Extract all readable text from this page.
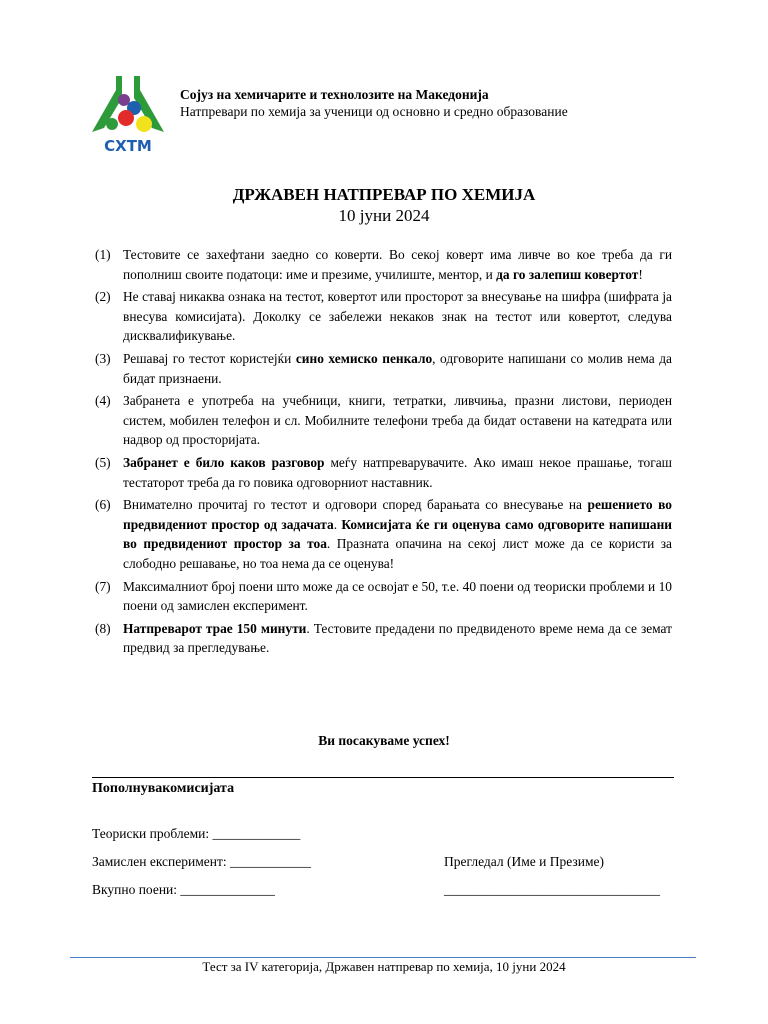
СХТМ
Сојуз на хемичарите и технолозите на Македонија
Натпревари по хемија за ученици од основно и средно образование
ДРЖАВЕН НАТПРЕВАР ПО ХЕМИЈА
10 јуни 2024
(1) Тестовите се захефтани заедно со коверти. Во секој коверт има ливче во кое треба да ги пополниш своите податоци: име и презиме, училиште, ментор, и да го залепиш ковертот!
(2) Не ставај никаква ознака на тестот, ковертот или просторот за внесување на шифра (шифрата ја внесува комисијата). Доколку се забележи некаков знак на тестот или ковертот, следува дисквалификување.
(3) Решавај го тестот користејќи сино хемиско пенкало, одговорите напишани со молив нема да бидат признаени.
(4) Забранета е употреба на учебници, книги, тетратки, ливчиња, празни листови, периоден систем, мобилен телефон и сл. Мобилните телефони треба да бидат оставени на катедрата или надвор од просторијата.
(5) Забранет е било каков разговор меѓу натпреварувачите. Ако имаш некое прашање, тогаш тестаторот треба да го повика одговорниот наставник.
(6) Внимателно прочитај го тестот и одговори според барањата со внесување на решението во предвидениот простор од задачата. Комисијата ќе ги оценува само одговорите напишани во предвидениот простор за тоа. Празната опачина на секој лист може да се користи за слободно решавање, но тоа нема да се оценува!
(7) Максималниот број поени што може да се освојат е 50, т.е. 40 поени од теориски проблеми и 10 поени од замислен експеримент.
(8) Натпреварот трае 150 минути. Тестовите предадени по предвиденото време нема да се земат предвид за прегледување.
Ви посакуваме успех!
Пополнувакомисијата
Теориски проблеми: _____________
Замислен експеримент: ____________
Вкупно поени: ______________
Прегледал (Име и Презиме)
________________________________
Тест за IV категорија, Државен натпревар по хемија, 10 јуни 2024
